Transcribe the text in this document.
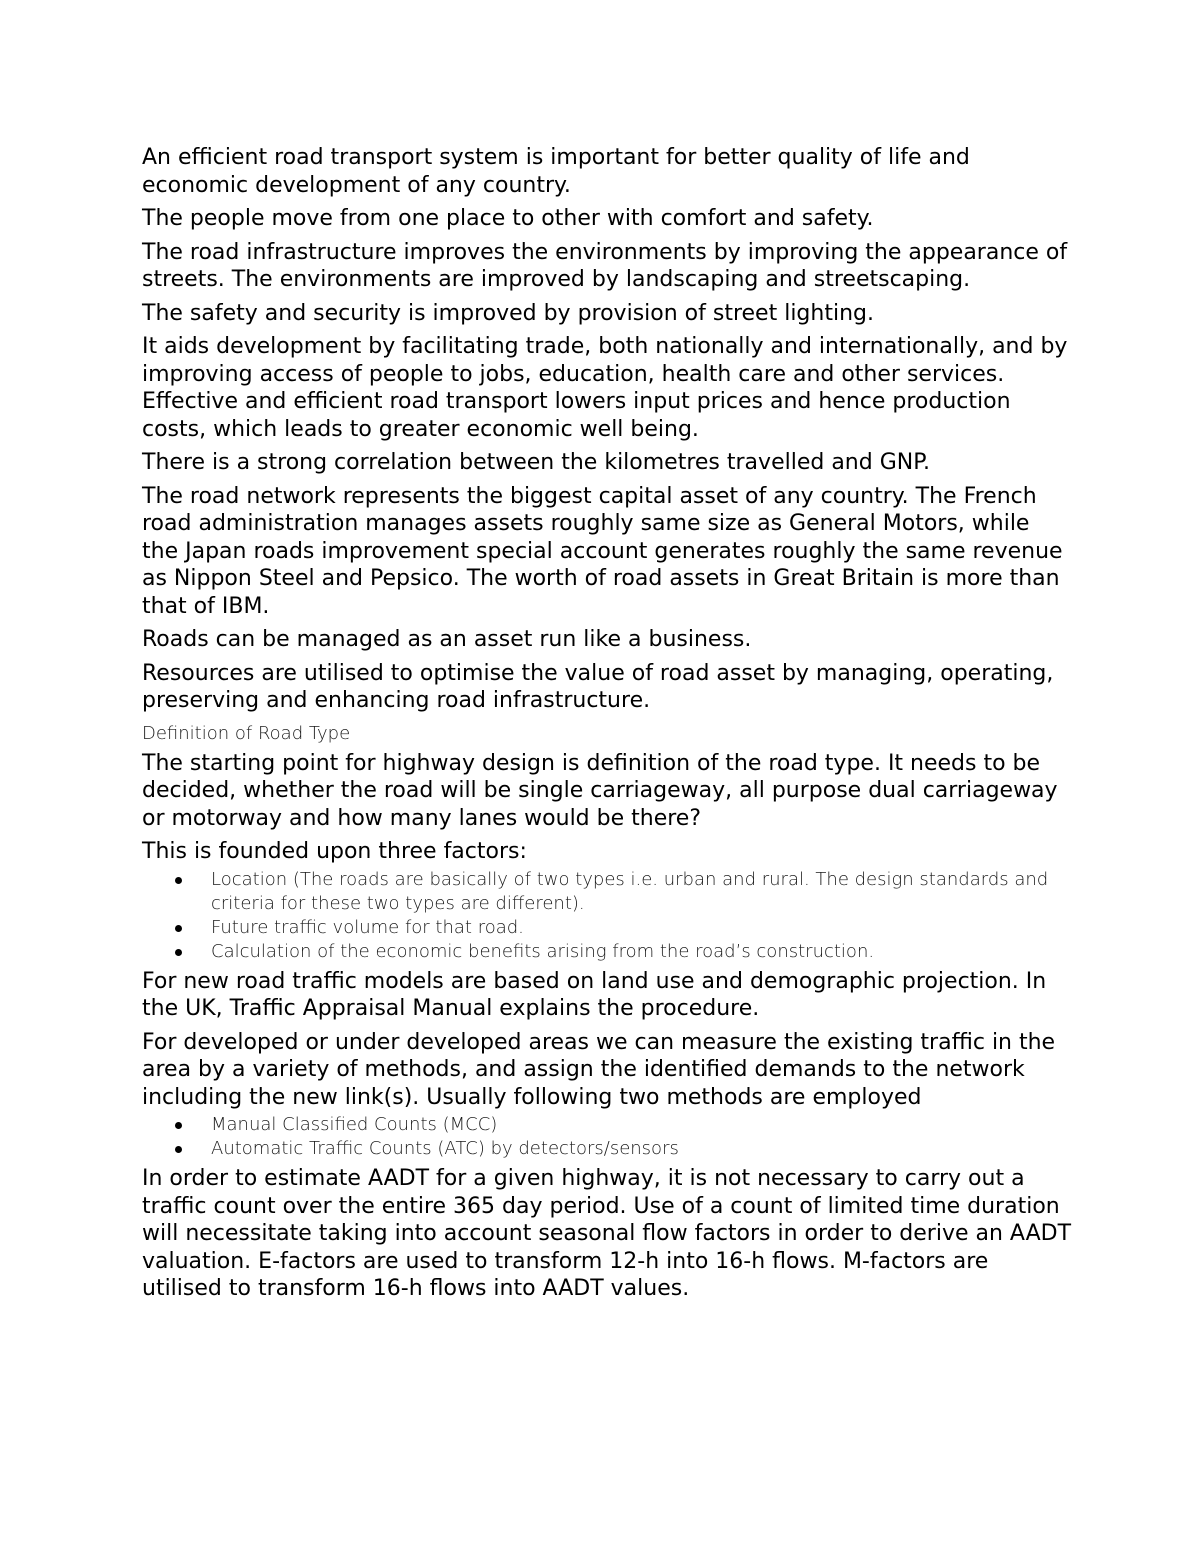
An efficient road transport system is important for better quality of life and economic development of any country.

The people move from one place to other with comfort and safety.

The road infrastructure improves the environments by improving the appearance of streets. The environments are improved by landscaping and streetscaping.

The safety and security is improved by provision of street lighting.

It aids development by facilitating trade, both nationally and internationally, and by improving access of people to jobs, education, health care and other services. Effective and efficient road transport lowers input prices and hence production costs, which leads to greater economic well being.

There is a strong correlation between the kilometres travelled and GNP.

The road network represents the biggest capital asset of any country. The French road administration manages assets roughly same size as General Motors, while the Japan roads improvement special account generates roughly the same revenue as Nippon Steel and Pepsico. The worth of road assets in Great Britain is more than that of IBM.

Roads can be managed as an asset run like a business.

Resources are utilised to optimise the value of road asset by managing, operating, preserving and enhancing road infrastructure.

Definition of Road Type

The starting point for highway design is definition of the road type. It needs to be decided, whether the road will be single carriageway, all purpose dual carriageway or motorway and how many lanes would be there?

This is founded upon three factors:

Location (The roads are basically of two types i.e. urban and rural. The design standards and criteria for these two types are different).
Future traffic volume for that road.
Calculation of the economic benefits arising from the road’s construction.

For new road traffic models are based on land use and demographic projection. In the UK, Traffic Appraisal Manual explains the procedure.

For developed or under developed areas we can measure the existing traffic in the area by a variety of methods, and assign the identified demands to the network including the new link(s). Usually following two methods are employed

Manual Classified Counts (MCC)
Automatic Traffic Counts (ATC) by detectors/sensors

In order to estimate AADT for a given highway, it is not necessary to carry out a traffic count over the entire 365 day period. Use of a count of limited time duration will necessitate taking into account seasonal flow factors in order to derive an AADT valuation. E-factors are used to transform 12-h into 16-h flows. M-factors are utilised to transform 16-h flows into AADT values.
